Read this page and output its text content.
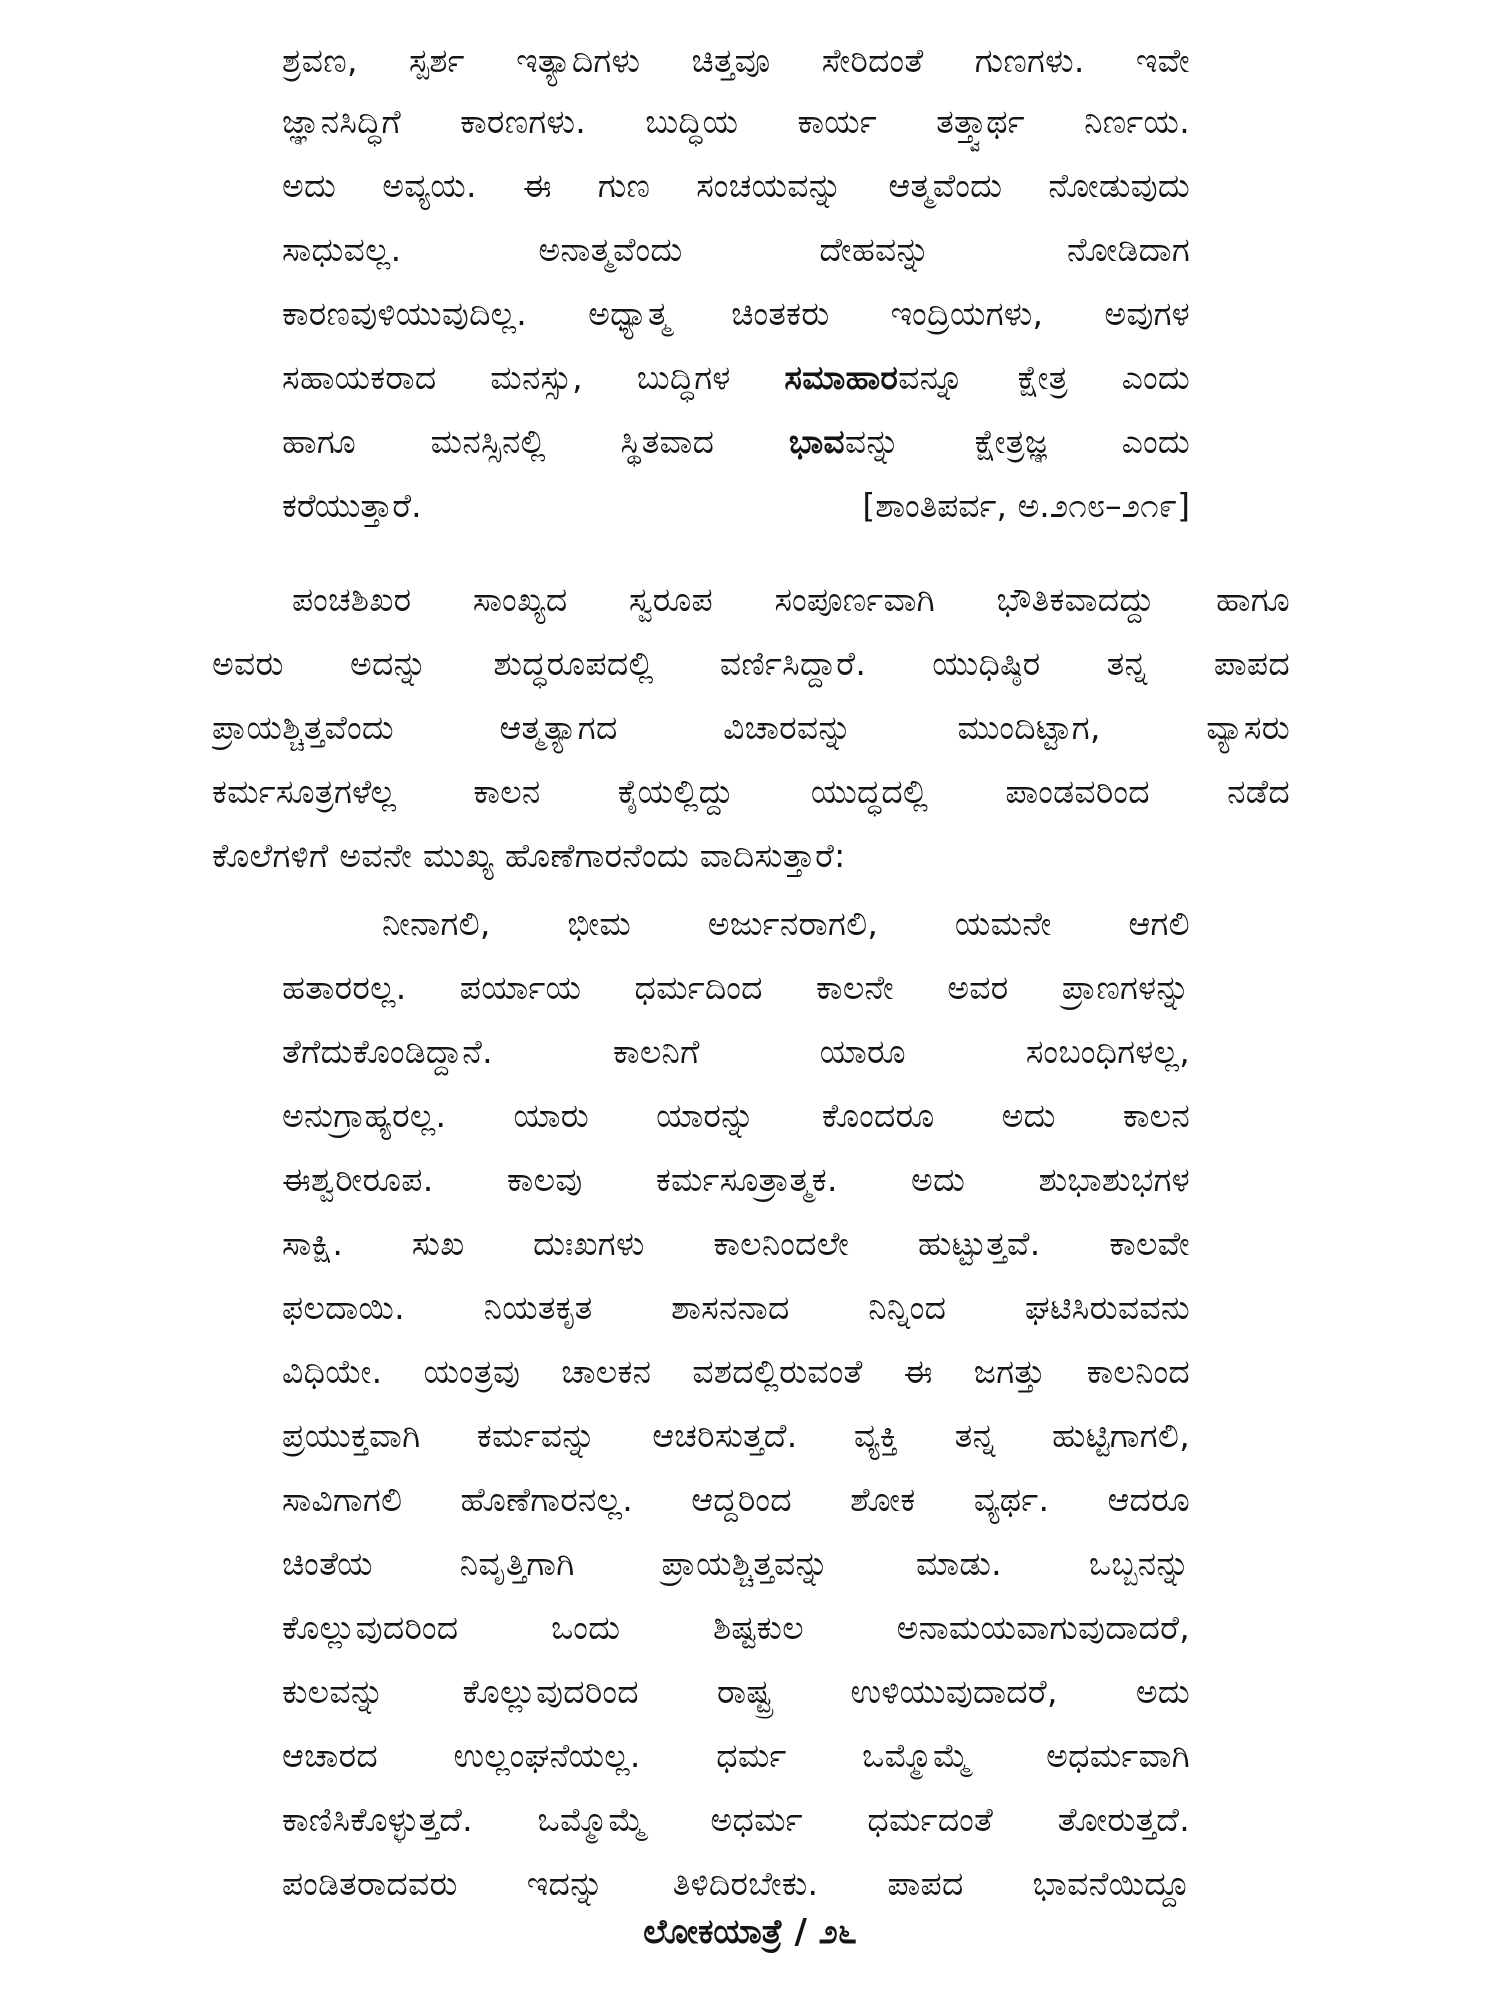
ಶ್ರವಣ, ಸ್ಪರ್ಶ ಇತ್ಯಾದಿಗಳು ಚಿತ್ತವೂ ಸೇರಿದಂತೆ ಗುಣಗಳು. ಇವೇ
ಜ್ಞಾನಸಿದ್ಧಿಗೆ ಕಾರಣಗಳು. ಬುದ್ಧಿಯ ಕಾರ್ಯ ತತ್ತ್ವಾರ್ಥ ನಿರ್ಣಯ.
ಅದು ಅವ್ಯಯ. ಈ ಗುಣ ಸಂಚಯವನ್ನು ಆತ್ಮವೆಂದು ನೋಡುವುದು
ಸಾಧುವಲ್ಲ. ಅನಾತ್ಮವೆಂದು ದೇಹವನ್ನು ನೋಡಿದಾಗ
ಕಾರಣವುಳಿಯುವುದಿಲ್ಲ. ಅಧ್ಯಾತ್ಮ ಚಿಂತಕರು ಇಂದ್ರಿಯಗಳು, ಅವುಗಳ
ಸಹಾಯಕರಾದ ಮನಸ್ಸು, ಬುದ್ಧಿಗಳ ಸಮಾಹಾರವನ್ನೂ ಕ್ಷೇತ್ರ ಎಂದು
ಹಾಗೂ ಮನಸ್ಸಿನಲ್ಲಿ ಸ್ಥಿತವಾದ ಭಾವವನ್ನು ಕ್ಷೇತ್ರಜ್ಞ ಎಂದು
ಕರೆಯುತ್ತಾರೆ.	[ಶಾಂತಿಪರ್ವ, ಅ.೨೧೮–೨೧೯]
ಪಂಚಶಿಖರ ಸಾಂಖ್ಯದ ಸ್ವರೂಪ ಸಂಪೂರ್ಣವಾಗಿ ಭೌತಿಕವಾದದ್ದು ಹಾಗೂ
ಅವರು ಅದನ್ನು ಶುದ್ಧರೂಪದಲ್ಲಿ ವರ್ಣಿಸಿದ್ದಾರೆ. ಯುಧಿಷ್ಠಿರ ತನ್ನ ಪಾಪದ
ಪ್ರಾಯಶ್ಚಿತ್ತವೆಂದು ಆತ್ಮತ್ಯಾಗದ ವಿಚಾರವನ್ನು ಮುಂದಿಟ್ಟಾಗ, ವ್ಯಾಸರು
ಕರ್ಮಸೂತ್ರಗಳೆಲ್ಲ ಕಾಲನ ಕೈಯಲ್ಲಿದ್ದು ಯುದ್ಧದಲ್ಲಿ ಪಾಂಡವರಿಂದ ನಡೆದ
ಕೊಲೆಗಳಿಗೆ ಅವನೇ ಮುಖ್ಯ ಹೊಣೆಗಾರನೆಂದು ವಾದಿಸುತ್ತಾರೆ:
ನೀನಾಗಲಿ, ಭೀಮ ಅರ್ಜುನರಾಗಲಿ, ಯಮನೇ ಆಗಲಿ
ಹತಾರರಲ್ಲ. ಪರ್ಯಾಯ ಧರ್ಮದಿಂದ ಕಾಲನೇ ಅವರ ಪ್ರಾಣಗಳನ್ನು
ತೆಗೆದುಕೊಂಡಿದ್ದಾನೆ. ಕಾಲನಿಗೆ ಯಾರೂ ಸಂಬಂಧಿಗಳಲ್ಲ,
ಅನುಗ್ರಾಹ್ಯರಲ್ಲ. ಯಾರು ಯಾರನ್ನು ಕೊಂದರೂ ಅದು ಕಾಲನ
ಈಶ್ವರೀರೂಪ. ಕಾಲವು ಕರ್ಮಸೂತ್ರಾತ್ಮಕ. ಅದು ಶುಭಾಶುಭಗಳ
ಸಾಕ್ಷಿ. ಸುಖ ದುಃಖಗಳು ಕಾಲನಿಂದಲೇ ಹುಟ್ಟುತ್ತವೆ. ಕಾಲವೇ
ಫಲದಾಯಿ. ನಿಯತಕೃತ ಶಾಸನನಾದ ನಿನ್ನಿಂದ ಘಟಿಸಿರುವವನು
ವಿಧಿಯೇ. ಯಂತ್ರವು ಚಾಲಕನ ವಶದಲ್ಲಿರುವಂತೆ ಈ ಜಗತ್ತು ಕಾಲನಿಂದ
ಪ್ರಯುಕ್ತವಾಗಿ ಕರ್ಮವನ್ನು ಆಚರಿಸುತ್ತದೆ. ವ್ಯಕ್ತಿ ತನ್ನ ಹುಟ್ಟಿಗಾಗಲಿ,
ಸಾವಿಗಾಗಲಿ ಹೊಣೆಗಾರನಲ್ಲ. ಆದ್ದರಿಂದ ಶೋಕ ವ್ಯರ್ಥ. ಆದರೂ
ಚಿಂತೆಯ ನಿವೃತ್ತಿಗಾಗಿ ಪ್ರಾಯಶ್ಚಿತ್ತವನ್ನು ಮಾಡು. ಒಬ್ಬನನ್ನು
ಕೊಲ್ಲುವುದರಿಂದ ಒಂದು ಶಿಷ್ಟಕುಲ ಅನಾಮಯವಾಗುವುದಾದರೆ,
ಕುಲವನ್ನು ಕೊಲ್ಲುವುದರಿಂದ ರಾಷ್ಟ್ರ ಉಳಿಯುವುದಾದರೆ, ಅದು
ಆಚಾರದ ಉಲ್ಲಂಘನೆಯಲ್ಲ. ಧರ್ಮ ಒಮ್ಮೊಮ್ಮೆ ಅಧರ್ಮವಾಗಿ
ಕಾಣಿಸಿಕೊಳ್ಳುತ್ತದೆ. ಒಮ್ಮೊಮ್ಮೆ ಅಧರ್ಮ ಧರ್ಮದಂತೆ ತೋರುತ್ತದೆ.
ಪಂಡಿತರಾದವರು ಇದನ್ನು ತಿಳಿದಿರಬೇಕು. ಪಾಪದ ಭಾವನೆಯಿದ್ದೂ
ಲೋಕಯಾತ್ರೆ / ೨೬
